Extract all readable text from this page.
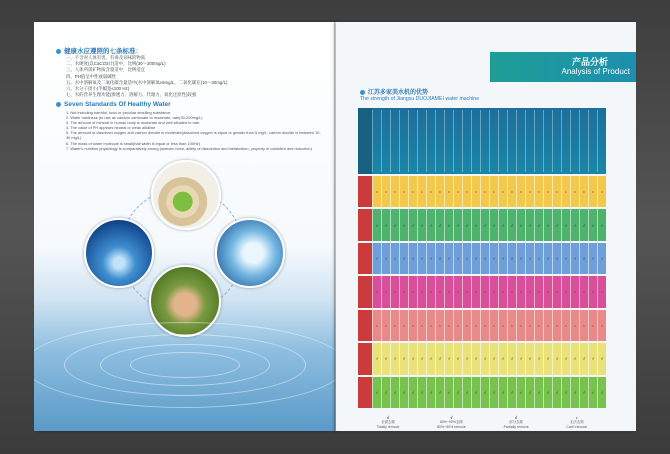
健康水应遵照的七条标准：
一、不含对人体有害、有毒及异味的物质
二、水硬度(以CaCO3计)适中，比例(30～200mg/L)
三、人体所需矿物质含量适中，比例适宜
四、PH值呈中性或弱碱性
五、水中溶解氧及二氧化碳含量适中(水中溶解氧≥6mg/L，二氧化碳在(10～30mg/L)
六、水分子团小(半幅宽≤100 Hz)
七、水的营养生理功能(渗透力、溶解力、代谢力、氧化还原性)较强
Seven Standards Of Healthy Water
1. Not including harmful, toxic or peculiar smelling substance
2. Water hardness (to use as calcium carbonate to moderate, rate(30-200mg/L)
3. The amount of mineral in human body is moderate and well situated in rate.
4. The value of PH appears neutral or weak alkaline
5. The amount of dissolved oxygen and carbon dioxide is moderate(dissolved oxygen is equal or greater than 6 mg/L, carbon dioxide is between 10-30 mg/L)
6. The mass of water molecule is small(half width is equal or less than 100Hz)
7. Water's nutrition physiology is comparatively strong (osmotic force, ability of dissolution and metabolism, property of oxidation and reduction)
产品分析
Analysis of Product
江苏多家美水机的优势
The strength of Jiangsu DUOJIAMEI water machine
•	•	•	•	•	•	•	•	•	•	•	•	•	•	•	•	•	•	•	•	•	•	•	•	•	•
√	√	√	√	√	√	√	√	√	√	√	√	√	√	√	√	√	√	√	√	√	√	√	√	√	√
√	√	√	√	√	√	√	√	√	√	√	√	√	√	√	√	√	√	√	√	√	√	√	√	√	√
•	•	•	•	•	•	•	•	•	•	•	•	•	•	•	•	•	•	•	•	•	•	•	•	•	•
•	•	•	•	•	•	•	•	•	•	•	•	•	•	•	•	•	•	•	•	•	•	•	•	•	•
√	√	√	√	√	√	√	√	√	√	√	√	√	√	√	√	√	√	√	√	√	√	√	√	√	√
√	√	√	√	√	√	√	√	√	√	√	√	√	√	√	√	√	√	√	√	√	√	√	√	√	√
√
全面去除
Totally remove
√
80%~90%去除
80%~90% remove
√
部分去除
Partially remove
•
无法去除
Can't remove
